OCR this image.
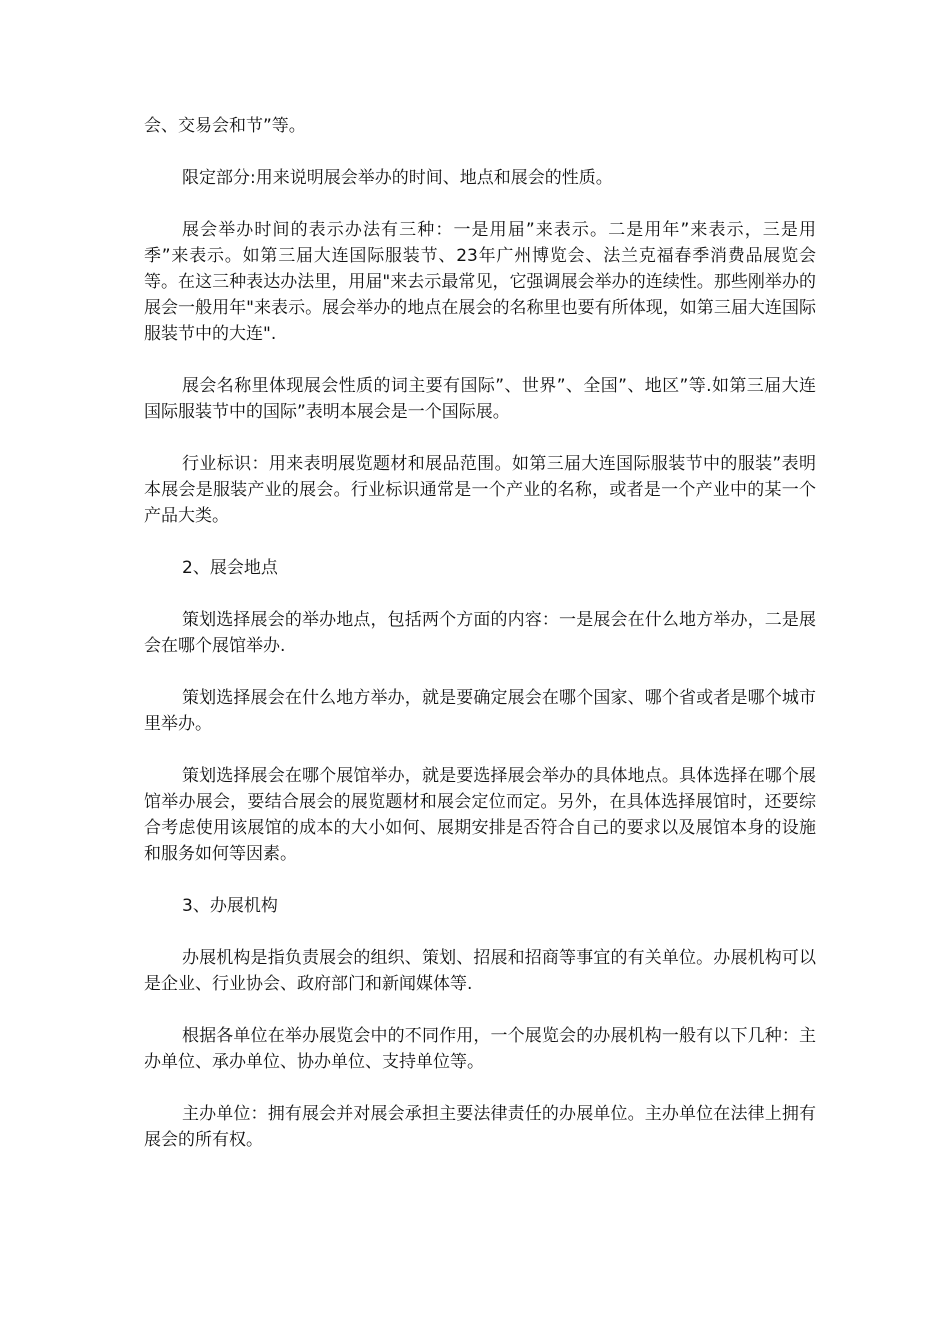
会、交易会和节”等。

限定部分:用来说明展会举办的时间、地点和展会的性质。

展会举办时间的表示办法有三种：一是用届”来表示。二是用年”来表示，三是用季”来表示。如第三届大连国际服装节、23年广州博览会、法兰克福春季消费品展览会等。在这三种表达办法里，用届"来去示最常见，它强调展会举办的连续性。那些刚举办的展会一般用年"来表示。展会举办的地点在展会的名称里也要有所体现，如第三届大连国际服装节中的大连".

展会名称里体现展会性质的词主要有国际”、世界”、全国”、地区”等.如第三届大连国际服装节中的国际”表明本展会是一个国际展。

行业标识：用来表明展览题材和展品范围。如第三届大连国际服装节中的服装”表明本展会是服装产业的展会。行业标识通常是一个产业的名称，或者是一个产业中的某一个产品大类。

2、展会地点

策划选择展会的举办地点，包括两个方面的内容：一是展会在什么地方举办，二是展会在哪个展馆举办.

策划选择展会在什么地方举办，就是要确定展会在哪个国家、哪个省或者是哪个城市里举办。

策划选择展会在哪个展馆举办，就是要选择展会举办的具体地点。具体选择在哪个展馆举办展会，要结合展会的展览题材和展会定位而定。另外，在具体选择展馆时，还要综合考虑使用该展馆的成本的大小如何、展期安排是否符合自己的要求以及展馆本身的设施和服务如何等因素。

3、办展机构

办展机构是指负责展会的组织、策划、招展和招商等事宜的有关单位。办展机构可以是企业、行业协会、政府部门和新闻媒体等.

根据各单位在举办展览会中的不同作用，一个展览会的办展机构一般有以下几种：主办单位、承办单位、协办单位、支持单位等。

主办单位：拥有展会并对展会承担主要法律责任的办展单位。主办单位在法律上拥有展会的所有权。
